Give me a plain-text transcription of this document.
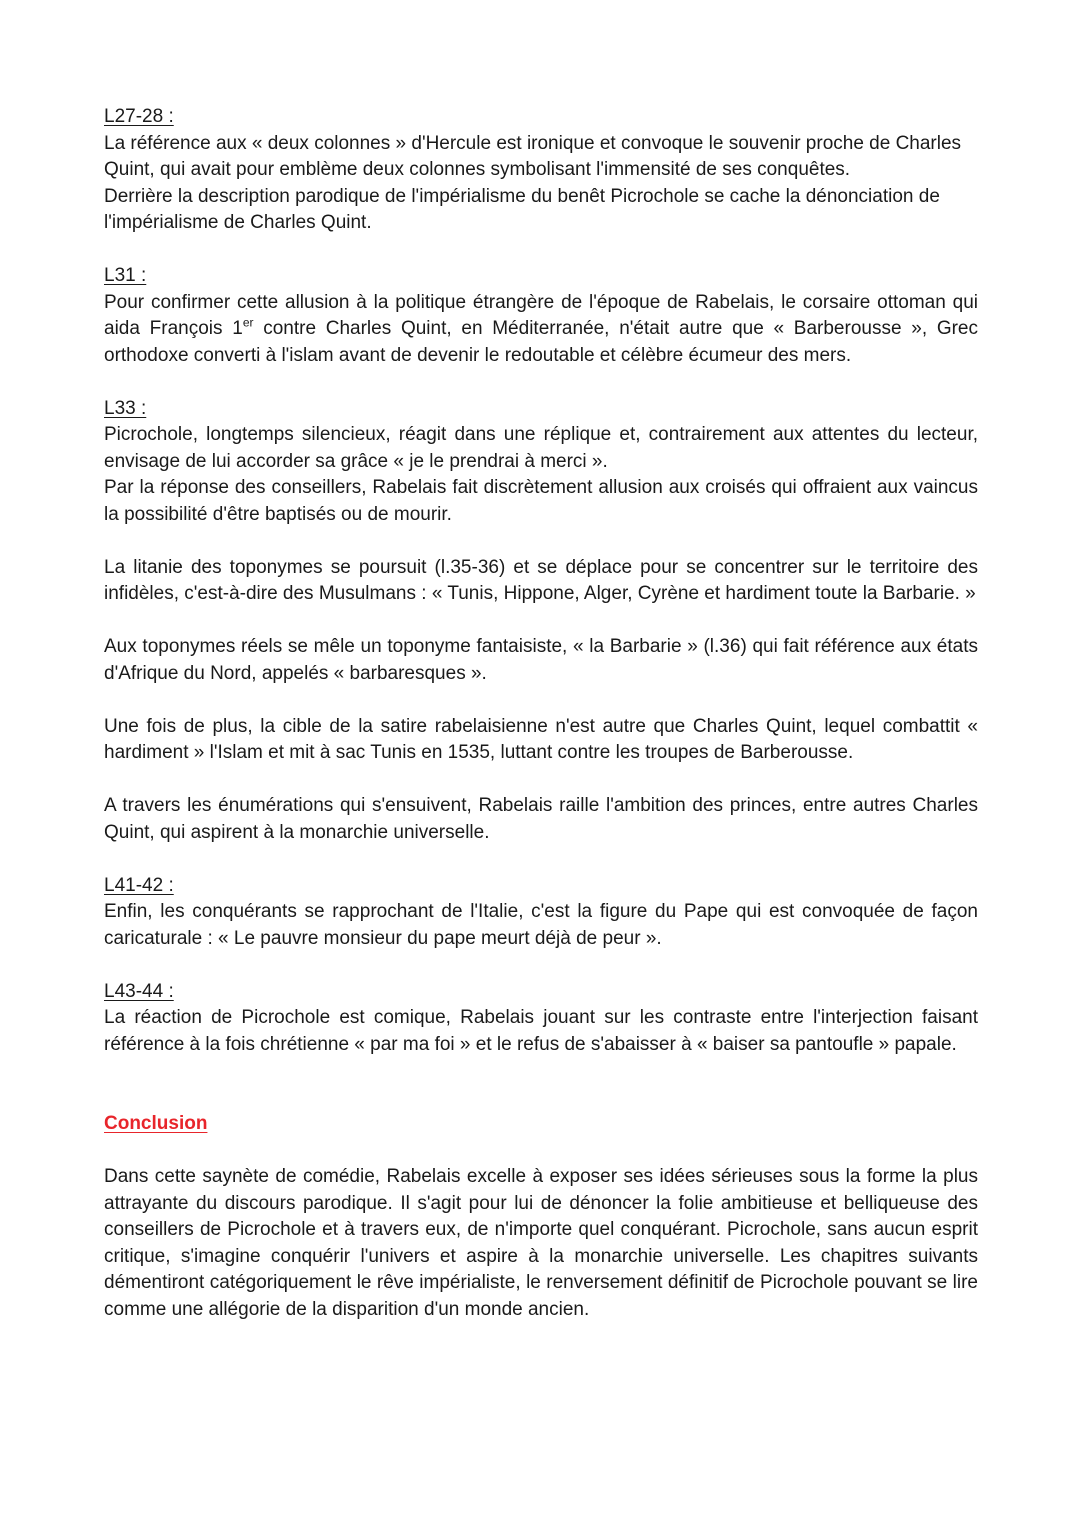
L27-28 :

La référence aux « deux colonnes » d'Hercule est ironique et convoque le souvenir proche de Charles Quint, qui avait pour emblème deux colonnes symbolisant l'immensité de ses conquêtes.

Derrière la description parodique de l'impérialisme du benêt Picrochole se cache la dénonciation de l'impérialisme de Charles Quint.

L31 :

Pour confirmer cette allusion à la politique étrangère de l'époque de Rabelais, le corsaire ottoman qui aida François 1er contre Charles Quint, en Méditerranée, n'était autre que « Barberousse », Grec orthodoxe converti à l'islam avant de devenir le redoutable et célèbre écumeur des mers.

L33 :

Picrochole, longtemps silencieux, réagit dans une réplique et, contrairement aux attentes du lecteur, envisage de lui accorder sa grâce « je le prendrai à merci ».

Par la réponse des conseillers, Rabelais fait discrètement allusion aux croisés qui offraient aux vaincus la possibilité d'être baptisés ou de mourir.

La litanie des toponymes se poursuit (l.35-36) et se déplace pour se concentrer sur le territoire des infidèles, c'est-à-dire des Musulmans : « Tunis, Hippone, Alger, Cyrène et hardiment toute la Barbarie. »

Aux toponymes réels se mêle un toponyme fantaisiste, « la Barbarie » (l.36) qui fait référence aux états d'Afrique du Nord, appelés « barbaresques ».

Une fois de plus, la cible de la satire rabelaisienne n'est autre que Charles Quint, lequel combattit « hardiment » l'Islam et mit à sac Tunis en 1535, luttant contre les troupes de Barberousse.

A travers les énumérations qui s'ensuivent, Rabelais raille l'ambition des princes, entre autres Charles Quint, qui aspirent à la monarchie universelle.

L41-42 :

Enfin, les conquérants se rapprochant de l'Italie, c'est la figure du Pape qui est convoquée de façon caricaturale : « Le pauvre monsieur du pape meurt déjà de peur ».

L43-44 :

La réaction de Picrochole est comique, Rabelais jouant sur les contraste entre l'interjection faisant référence à la fois chrétienne « par ma foi » et le refus de s'abaisser à « baiser sa pantoufle » papale.

Conclusion

Dans cette saynète de comédie, Rabelais excelle à exposer ses idées sérieuses sous la forme la plus attrayante du discours parodique. Il s'agit pour lui de dénoncer la folie ambitieuse et belliqueuse des conseillers de Picrochole et à travers eux, de n'importe quel conquérant. Picrochole, sans aucun esprit critique, s'imagine conquérir l'univers et aspire à la monarchie universelle. Les chapitres suivants démentiront catégoriquement le rêve impérialiste, le renversement définitif de Picrochole pouvant se lire comme une allégorie de la disparition d'un monde ancien.
